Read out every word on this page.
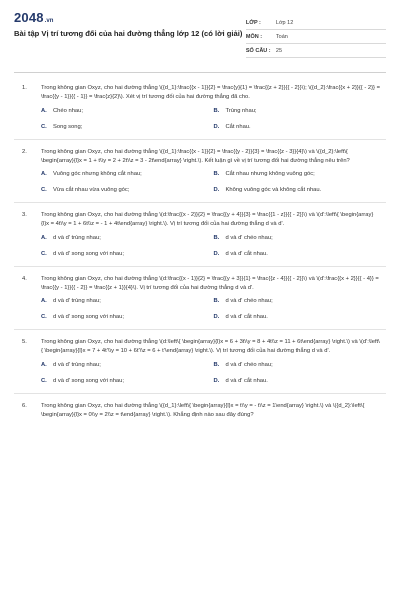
2048 .vn
Bài tập Vị trí tương đối của hai đường thẳng lớp 12 (có lời giải)
LỚP :	Lớp 12
MÔN :	Toán
SỐ CÂU : 25
1.	Trong không gian Oxyz, cho hai đường thẳng \({d_1}:\frac{{x - 1}}{2} = \frac{y}{1} = \frac{{z + 2}}{{ - 2}}\); \({d_2}:\frac{{x + 2}}{{ - 2}} = \frac{{y - 1}}{{ - 1}} = \frac{z}{2}\). Xét vị trí tương đối của hai đường thẳng đã cho.
A.	Chéo nhau;	B.	Trùng nhau;
C.	Song song;	D.	Cắt nhau.
2.	Trong không gian Oxyz, cho hai đường thẳng \({d_1}:\frac{{x - 1}}{2} = \frac{{y - 2}}{3} = \frac{{z - 3}}{4}\) và \({d_2}:\left\{ \begin{array}{l}x = 1 + t\\y = 2 + 2t\\z = 3 - 2t\end{array} \right.\). Kết luận gì về vị trí tương đối hai đường thẳng nêu trên?
A.	Vuông góc nhưng không cắt nhau;	B.	Cắt nhau nhưng không vuông góc;
C.	Vừa cắt nhau vừa vuông góc;	D.	Không vuông góc và không cắt nhau.
3.	Trong không gian Oxyz, cho hai đường thẳng \(d:\frac{{x - 2}}{2} = \frac{{y + 4}}{3} = \frac{{1 - z}}{{ - 2}}\) và \(d':\left\{ \begin{array}{l}x = 4t\\y = 1 + 6t\\z = - 1 + 4t\end{array} \right.\). Vị trí tương đối của hai đường thẳng d và d'.
A.	d và d' trùng nhau;	B.	d và d' chéo nhau;
C.	d và d' song song với nhau;	D.	d và d' cắt nhau.
4.	Trong không gian Oxyz, cho hai đường thẳng \(d:\frac{{x - 1}}{2} = \frac{{y + 3}}{1} = \frac{{z - 4}}{{ - 2}}\) và \(d':\frac{{x + 2}}{{ - 4}} = \frac{{y - 1}}{{ - 2}} = \frac{{z + 1}}{4}\). Vị trí tương đối của hai đường thẳng d và d'.
A.	d và d' trùng nhau;	B.	d và d' chéo nhau;
C.	d và d' song song với nhau;	D.	d và d' cắt nhau.
5.	Trong không gian Oxyz, cho hai đường thẳng \(d:\left\{ \begin{array}{l}x = 6 + 3t\\y = 8 + 4t\\z = 11 + 6t\end{array} \right.\) và \(d':\left\{ \begin{array}{l}x = 7 + 4t'\\y = 10 + 6t'\\z = 6 + t'\end{array} \right.\). Vị trí tương đối của hai đường thẳng d và d'.
A.	d và d' trùng nhau;	B.	d và d' chéo nhau;
C.	d và d' song song với nhau;	D.	d và d' cắt nhau.
6.	Trong không gian Oxyz, cho hai đường thẳng \({d_1}:\left\{ \begin{array}{l}x = t\\y = - t\\z = 1\end{array} \right.\) và \({d_2}:\left\{ \begin{array}{l}x = 0\\y = 2\\z = t\end{array} \right.\). Khẳng định nào sau đây đúng?
